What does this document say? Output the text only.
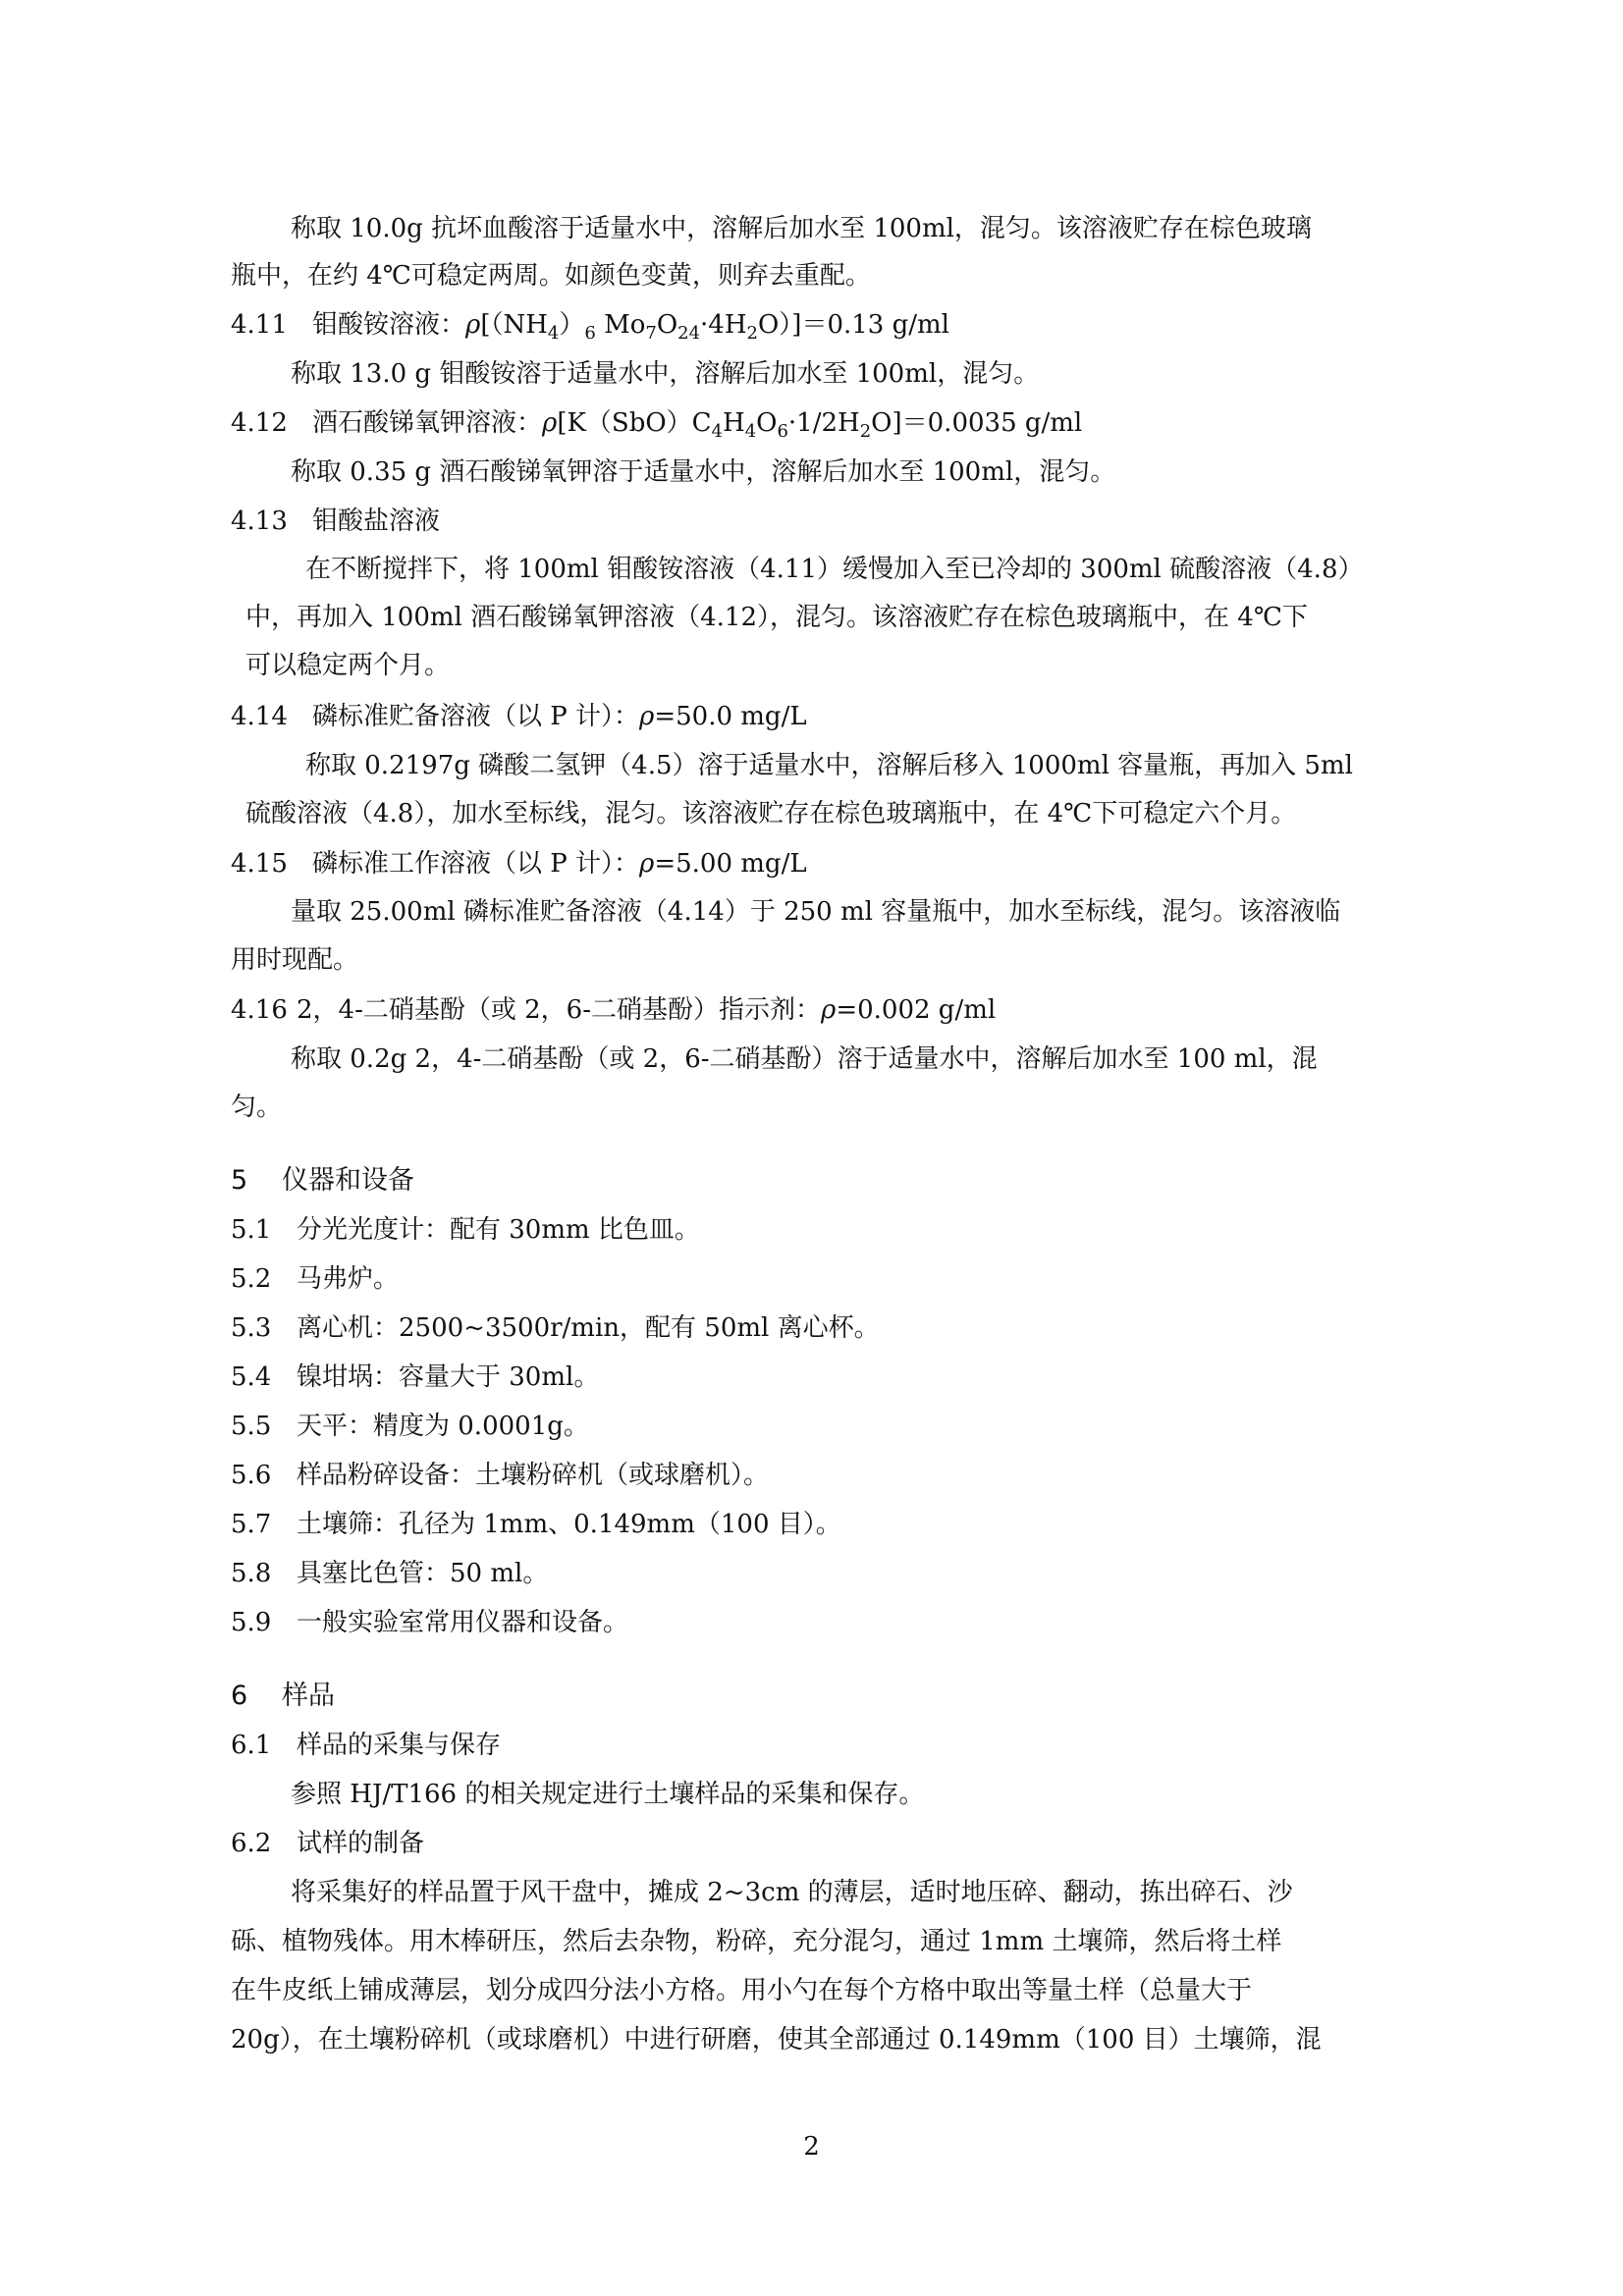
称取 10.0g 抗坏血酸溶于适量水中，溶解后加水至 100ml，混匀。该溶液贮存在棕色玻璃
瓶中，在约 4℃可稳定两周。如颜色变黄，则弃去重配。
4.11 钼酸铵溶液：$\rho[(NH_4)_6$ $Mo_7O_{24}\cdot 4H_2O)]=0.13$ g/ml
称取 13.0 g 钼酸铵溶于适量水中，溶解后加水至 100ml，混匀。
4.12 酒石酸锑氧钾溶液：$\rho[K(SbO)C_4H_4O_6\cdot 1/2H_2O]=0.0035$ g/ml
称取 0.35 g 酒石酸锑氧钾溶于适量水中，溶解后加水至 100ml，混匀。
4.13 钼酸盐溶液
在不断搅拌下，将 100ml 钼酸铵溶液（4.11）缓慢加入至已冷却的 300ml 硫酸溶液（4.8）
中，再加入 100ml 酒石酸锑氧钾溶液（4.12），混匀。该溶液贮存在棕色玻璃瓶中，在 4℃下
可以稳定两个月。
4.14 磷标准贮备溶液（以 P 计）：ρ=50.0 mg/L
称取 0.2197g 磷酸二氢钾（4.5）溶于适量水中，溶解后移入 1000ml 容量瓶，再加入 5ml
硫酸溶液（4.8），加水至标线，混匀。该溶液贮存在棕色玻璃瓶中，在 4℃下可稳定六个月。
4.15 磷标准工作溶液（以 P 计）：ρ=5.00 mg/L
量取 25.00ml 磷标准贮备溶液（4.14）于 250 ml 容量瓶中，加水至标线，混匀。该溶液临
用时现配。
4.16 2，4-二硝基酚（或 2，6-二硝基酚）指示剂：ρ=0.002 g/ml
称取 0.2g 2，4-二硝基酚（或 2，6-二硝基酚）溶于适量水中，溶解后加水至 100 ml，混
匀。
5 仪器和设备
5.1 分光光度计：配有 30mm 比色皿。
5.2 马弗炉。
5.3 离心机：2500~3500r/min，配有 50ml 离心杯。
5.4 镍坩埚：容量大于 30ml。
5.5 天平：精度为 0.0001g。
5.6 样品粉碎设备：土壤粉碎机（或球磨机）。
5.7 土壤筛：孔径为 1mm、0.149mm（100 目）。
5.8 具塞比色管：50 ml。
5.9 一般实验室常用仪器和设备。
6 样品
6.1 样品的采集与保存
参照 HJ/T166 的相关规定进行土壤样品的采集和保存。
6.2 试样的制备
将采集好的样品置于风干盘中，摊成 2~3cm 的薄层，适时地压碎、翻动，拣出碎石、沙
砾、植物残体。用木棒研压，然后去杂物，粉碎，充分混匀，通过 1mm 土壤筛，然后将土样
在牛皮纸上铺成薄层，划分成四分法小方格。用小勺在每个方格中取出等量土样（总量大于
20g），在土壤粉碎机（或球磨机）中进行研磨，使其全部通过 0.149mm（100 目）土壤筛，混
2
